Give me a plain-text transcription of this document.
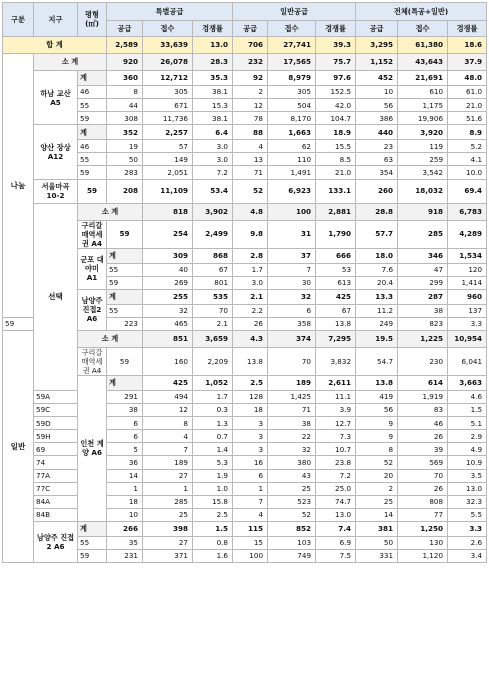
구분	지구	평형 (㎡)	특별공급			일반공급			전체(특공+일반)			
			공급	접수	경쟁률	공급	접수	경쟁률	공급	접수	경쟁률	
합 계			2,589	33,639	13.0	706	27,741	39.3	3,295	61,380	18.6	
나눔	소 계		920	26,078	28.3	232	17,565	75.7	1,152	43,643	37.9	
	하남 교산 A5	계	360	12,712	35.3	92	8,979	97.6	452	21,691	48.0	
		46	8	305	38.1	2	305	152.5	10	610	61.0	
		55	44	671	15.3	12	504	42.0	56	1,175	21.0	
		59	308	11,736	38.1	78	8,170	104.7	386	19,906	51.6	
	양산 장상 A12	계	352	2,257	6.4	88	1,663	18.9	440	3,920	8.9	
		46	19	57	3.0	4	62	15.5	23	119	5.2	
		55	50	149	3.0	13	110	8.5	63	259	4.1	
		59	283	2,051	7.2	71	1,491	21.0	354	3,542	10.0	
	서울마곡 10-2	59	208	11,109	53.4	52	6,923	133.1	260	18,032	69.4	
	선택	소 계		818	3,902	4.8	100	2,881	28.8	918	6,783	
		구리갈매역세권 A4	59	254	2,499	9.8	31	1,790	57.7	285	4,289	
		군포 대야미 A1	계	309	868	2.8	37	666	18.0	346	1,534	
			55	40	67	1.7	7	53	7.6	47	120	
			59	269	801	3.0	30	613	20.4	299	1,414	
		남양주 진접2 A6	계	255	535	2.1	32	425	13.3	287	960	
			55	32	70	2.2	6	67	11.2	38	137	
59			223	465	2.1	26	358	13.8	249	823	3.3	
일반		소 계		851	3,659	4.3	374	7,295	19.5	1,225	10,954	
		구리갈매역세권 A4	59	160	2,209	13.8	70	3,832	54.7	230	6,041	
		인천 계양 A6	계	425	1,052	2.5	189	2,611	13.8	614	3,663	
	59A		291	494	1.7	128	1,425	11.1	419	1,919	4.6	
	59C		38	12	0.3	18	71	3.9	56	83	1.5	
	59D		6	8	1.3	3	38	12.7	9	46	5.1	
	59H		6	4	0.7	3	22	7.3	9	26	2.9	
	69		5	7	1.4	3	32	10.7	8	39	4.9	
	74		36	189	5.3	16	380	23.8	52	569	10.9	
	77A		14	27	1.9	6	43	7.2	20	70	3.5	
	77C		1	1	1.0	1	25	25.0	2	26	13.0	
	84A		18	285	15.8	7	523	74.7	25	808	32.3	
	84B		10	25	2.5	4	52	13.0	14	77	5.5	
	남양주 진접2 A6	계	266	398	1.5	115	852	7.4	381	1,250	3.3	
		55	35	27	0.8	15	103	6.9	50	130	2.6	
		59	231	371	1.6	100	749	7.5	331	1,120	3.4	
